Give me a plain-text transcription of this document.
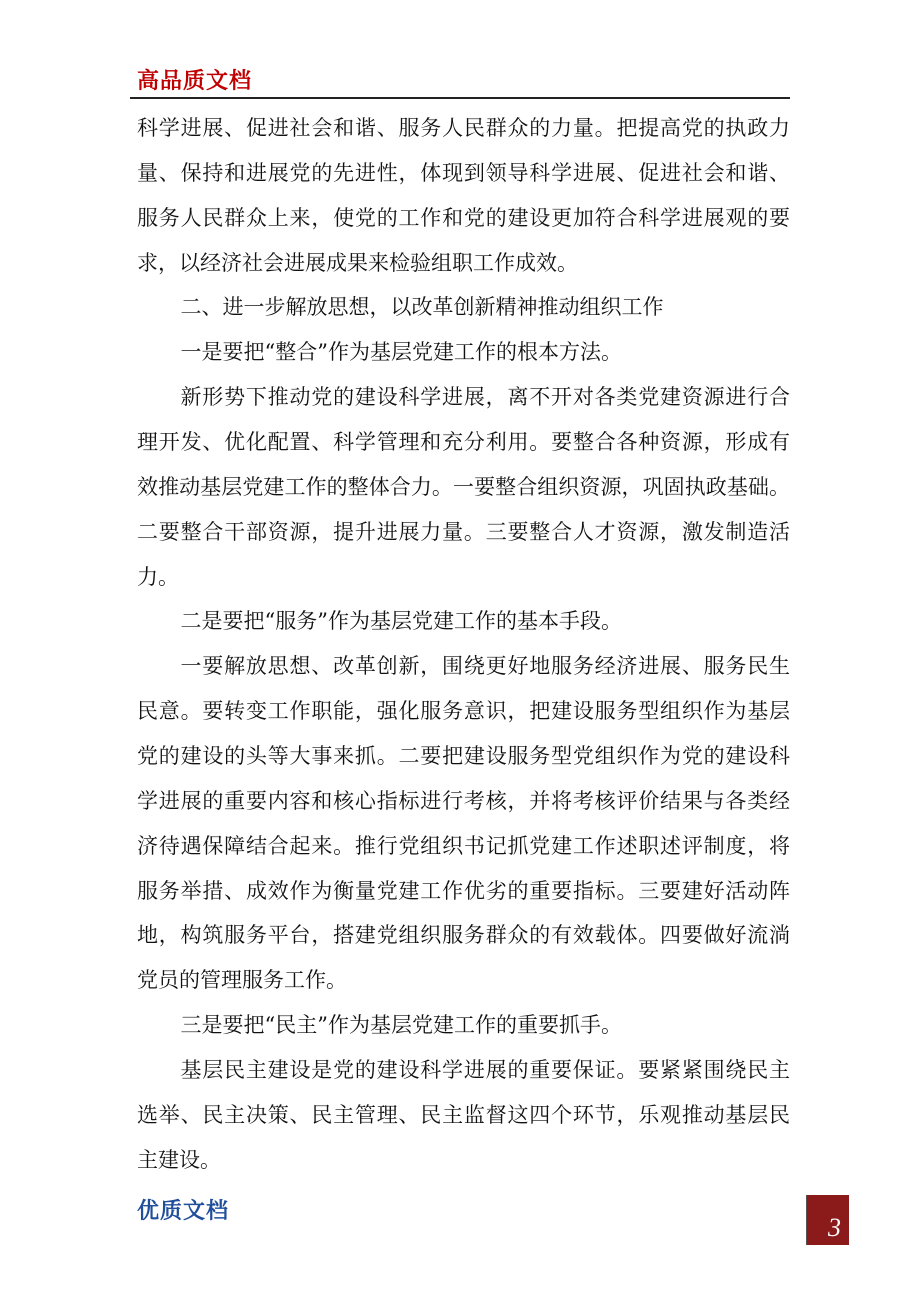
高品质文档
科学进展、促进社会和谐、服务人民群众的力量。把提高党的执政力
量、保持和进展党的先进性，体现到领导科学进展、促进社会和谐、
服务人民群众上来，使党的工作和党的建设更加符合科学进展观的要
求，以经济社会进展成果来检验组职工作成效。
二、进一步解放思想，以改革创新精神推动组织工作
一是要把“整合”作为基层党建工作的根本方法。
新形势下推动党的建设科学进展，离不开对各类党建资源进行合
理开发、优化配置、科学管理和充分利用。要整合各种资源，形成有
效推动基层党建工作的整体合力。一要整合组织资源，巩固执政基础。
二要整合干部资源，提升进展力量。三要整合人才资源，激发制造活
力。
二是要把“服务”作为基层党建工作的基本手段。
一要解放思想、改革创新，围绕更好地服务经济进展、服务民生
民意。要转变工作职能，强化服务意识，把建设服务型组织作为基层
党的建设的头等大事来抓。二要把建设服务型党组织作为党的建设科
学进展的重要内容和核心指标进行考核，并将考核评价结果与各类经
济待遇保障结合起来。推行党组织书记抓党建工作述职述评制度，将
服务举措、成效作为衡量党建工作优劣的重要指标。三要建好活动阵
地，构筑服务平台，搭建党组织服务群众的有效载体。四要做好流淌
党员的管理服务工作。
三是要把“民主”作为基层党建工作的重要抓手。
基层民主建设是党的建设科学进展的重要保证。要紧紧围绕民主
选举、民主决策、民主管理、民主监督这四个环节，乐观推动基层民
主建设。
优质文档
3
